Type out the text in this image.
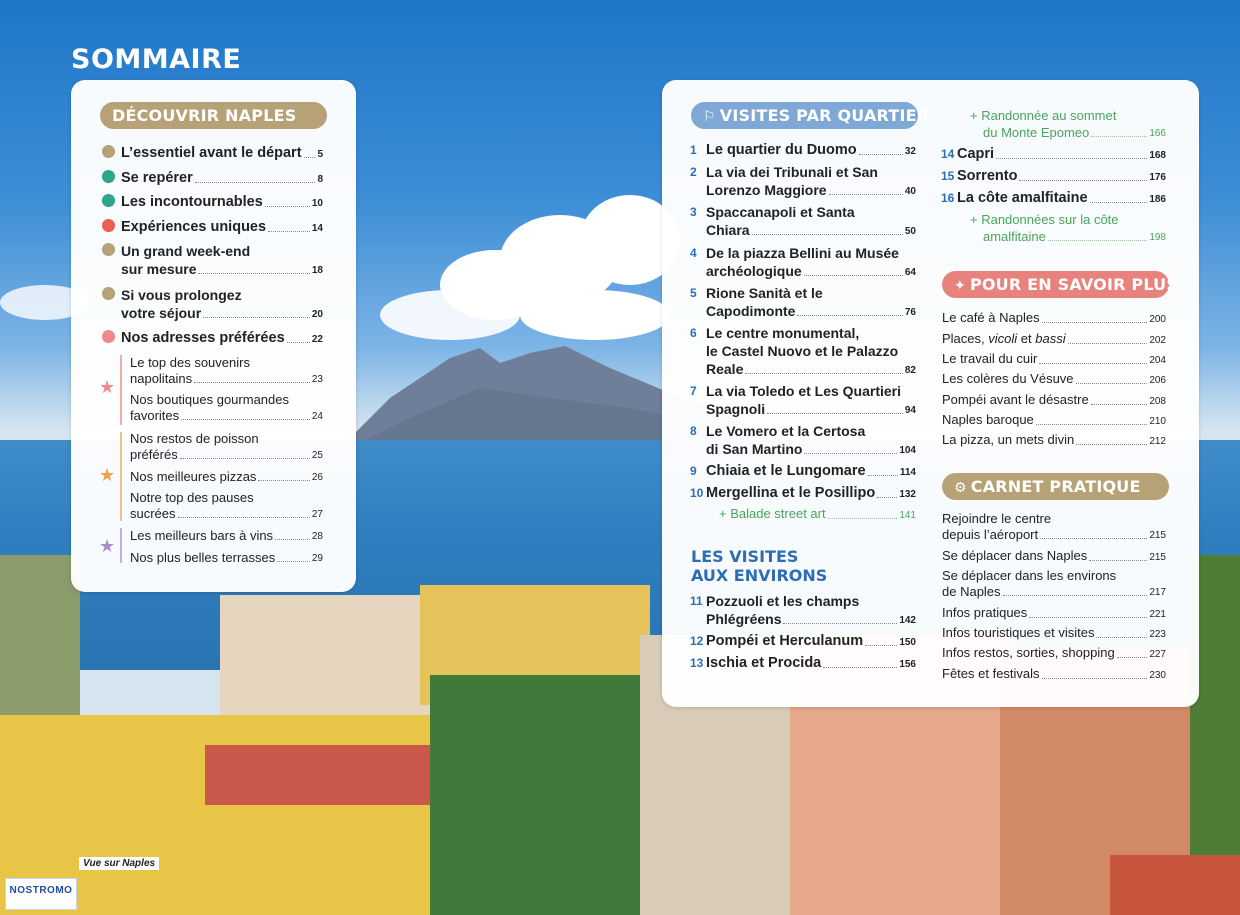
SOMMAIRE
DÉCOUVRIR NAPLES
L’essentiel avant le départ 5
Se repérer	8
Les incontournables	10
Expériences uniques	14
Un grand week-end
sur mesure	18
Si vous prolongez
votre séjour	20
Nos adresses préférées	22
★
★
★
Le top des souvenirs
napolitains	23
Nos boutiques gourmandes
favorites	24
Nos restos de poisson
préférés	25
Nos meilleures pizzas	26
Notre top des pauses
sucrées	27
Les meilleurs bars à vins	28
Nos plus belles terrasses	29
⚐ VISITES PAR QUARTIER
1 Le quartier du Duomo	32
2 La via dei Tribunali et San
Lorenzo Maggiore	40
3 Spaccanapoli et Santa
Chiara	50
4 De la piazza Bellini au Musée
archéologique	64
5 Rione Sanità et le
Capodimonte	76
6 Le centre monumental,
le Castel Nuovo et le Palazzo
Reale	82
7 La via Toledo et Les Quartieri
Spagnoli	94
8 Le Vomero et la Certosa
di San Martino	104
9 Chiaia et le Lungomare	114
10 Mergellina et le Posillipo 132
+ Balade street art	141
LES VISITES
AUX ENVIRONS
11 Pozzuoli et les champs
Phlégréens	142
12 Pompéi et Herculanum	150
13 Ischia et Procida	156
+ Randonnée au sommet
du Monte Epomeo	166
14 Capri	168
15 Sorrento	176
16 La côte amalfitaine	186
+ Randonnées sur la côte
amalfitaine	198
✦ POUR EN SAVOIR PLUS
Le café à Naples	200
Places, vicoli et bassi	202
Le travail du cuir	204
Les colères du Vésuve	206
Pompéi avant le désastre	208
Naples baroque	210
La pizza, un mets divin	212
⚙ CARNET PRATIQUE
Rejoindre le centre
depuis l’aéroport	215
Se déplacer dans Naples	215
Se déplacer dans les environs
de Naples	217
Infos pratiques	221
Infos touristiques et visites	223
Infos restos, sorties, shopping	227
Fêtes et festivals	230
Vue sur Naples
NOSTROMO
